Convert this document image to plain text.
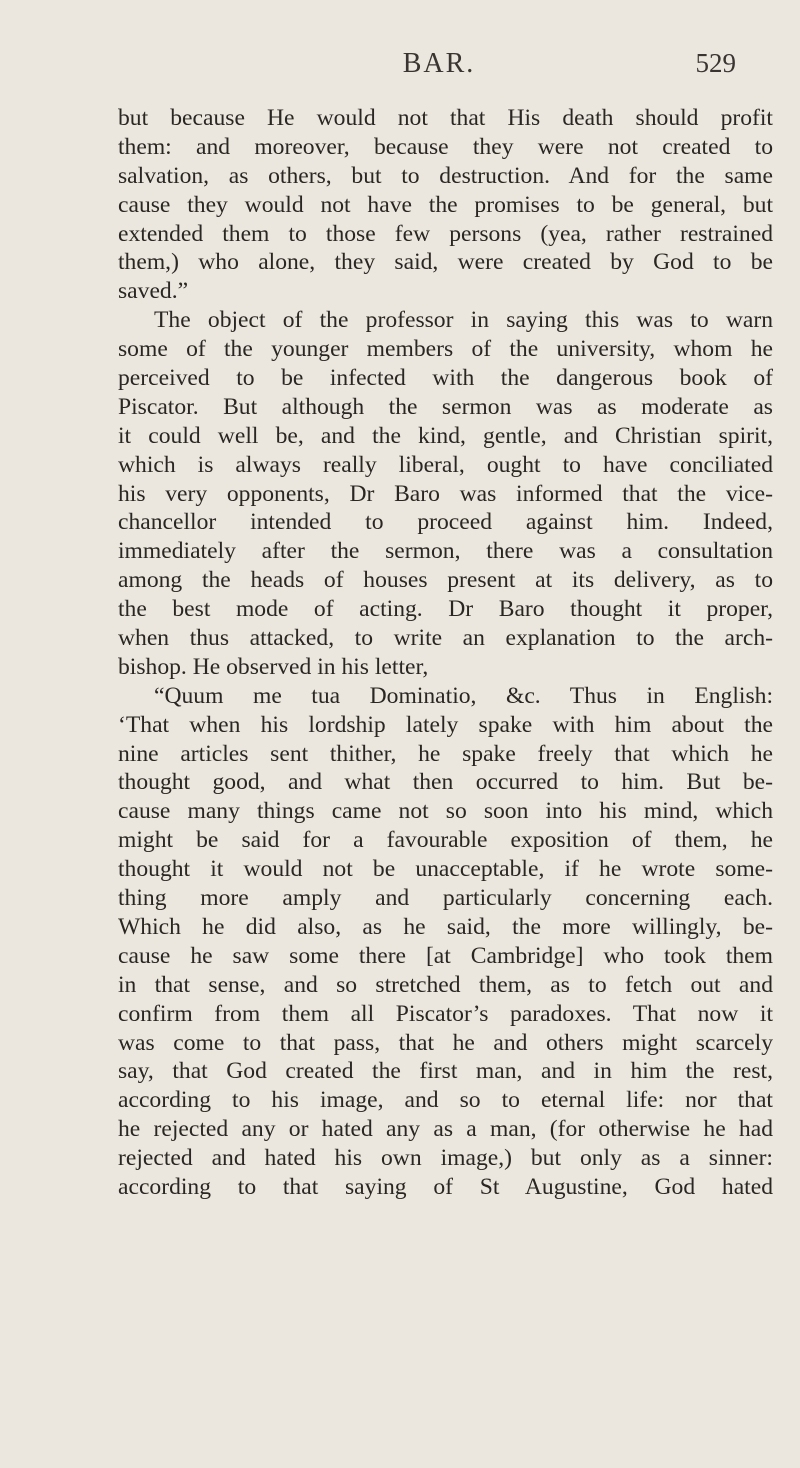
BAR.	529
but because He would not that His death should profit
them: and moreover, because they were not created to
salvation, as others, but to destruction. And for the same
cause they would not have the promises to be general, but
extended them to those few persons (yea, rather restrained
them,) who alone, they said, were created by God to be
saved.”
The object of the professor in saying this was to warn
some of the younger members of the university, whom he
perceived to be infected with the dangerous book of
Piscator. But although the sermon was as moderate as
it could well be, and the kind, gentle, and Christian spirit,
which is always really liberal, ought to have conciliated
his very opponents, Dr Baro was informed that the vice-
chancellor intended to proceed against him. Indeed,
immediately after the sermon, there was a consultation
among the heads of houses present at its delivery, as to
the best mode of acting. Dr Baro thought it proper,
when thus attacked, to write an explanation to the arch-
bishop. He observed in his letter,
“Quum me tua Dominatio, &c. Thus in English:
‘That when his lordship lately spake with him about the
nine articles sent thither, he spake freely that which he
thought good, and what then occurred to him. But be-
cause many things came not so soon into his mind, which
might be said for a favourable exposition of them, he
thought it would not be unacceptable, if he wrote some-
thing more amply and particularly concerning each.
Which he did also, as he said, the more willingly, be-
cause he saw some there [at Cambridge] who took them
in that sense, and so stretched them, as to fetch out and
confirm from them all Piscator’s paradoxes. That now it
was come to that pass, that he and others might scarcely
say, that God created the first man, and in him the rest,
according to his image, and so to eternal life: nor that
he rejected any or hated any as a man, (for otherwise he had
rejected and hated his own image,) but only as a sinner:
according to that saying of St Augustine, God hated
